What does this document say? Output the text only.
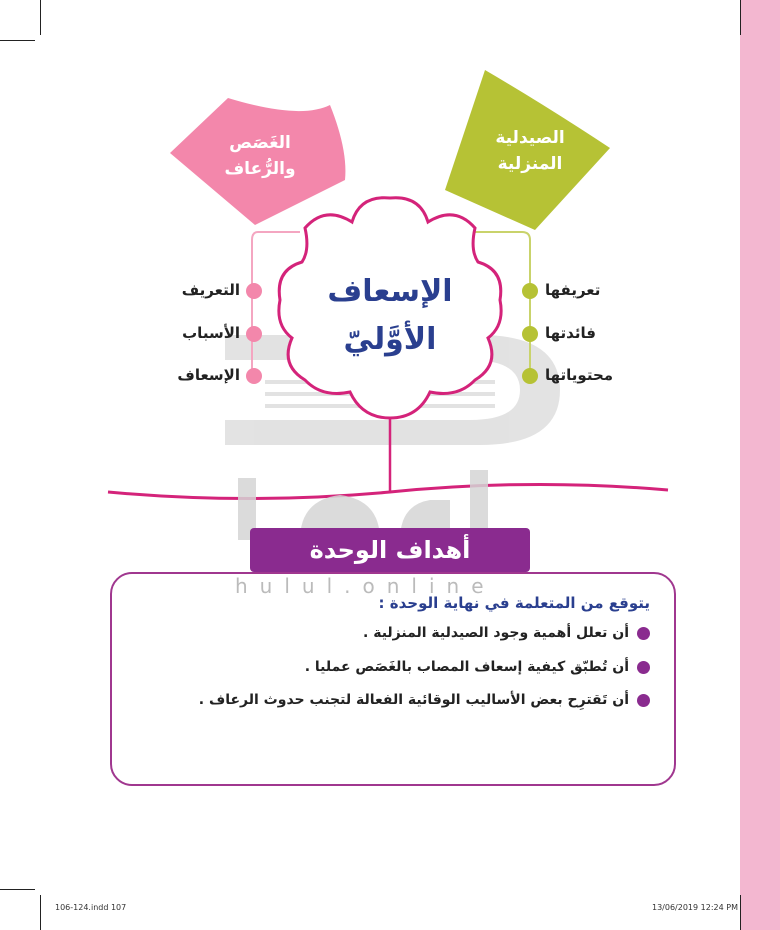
الغَصَص
والرُّعاف
الصيدلية
المنزلية
الإسعاف
الأوَّليّ
التعريف
الأسباب
الإسعاف
تعريفها
فائدتها
محتوياتها
أهداف الوحدة
hulul.online
يتوقع من المتعلمة في نهاية الوحدة :
أن تعلل أهمية وجود الصيدلية المنزلية .
أن تُطبّق كيفية إسعاف المصاب بالغَصَص عمليا .
أن تَقترِح بعض الأساليب الوقائية الفعالة لتجنب حدوث الرعاف .
106-124.indd 107	13/06/2019 12:24 PM
